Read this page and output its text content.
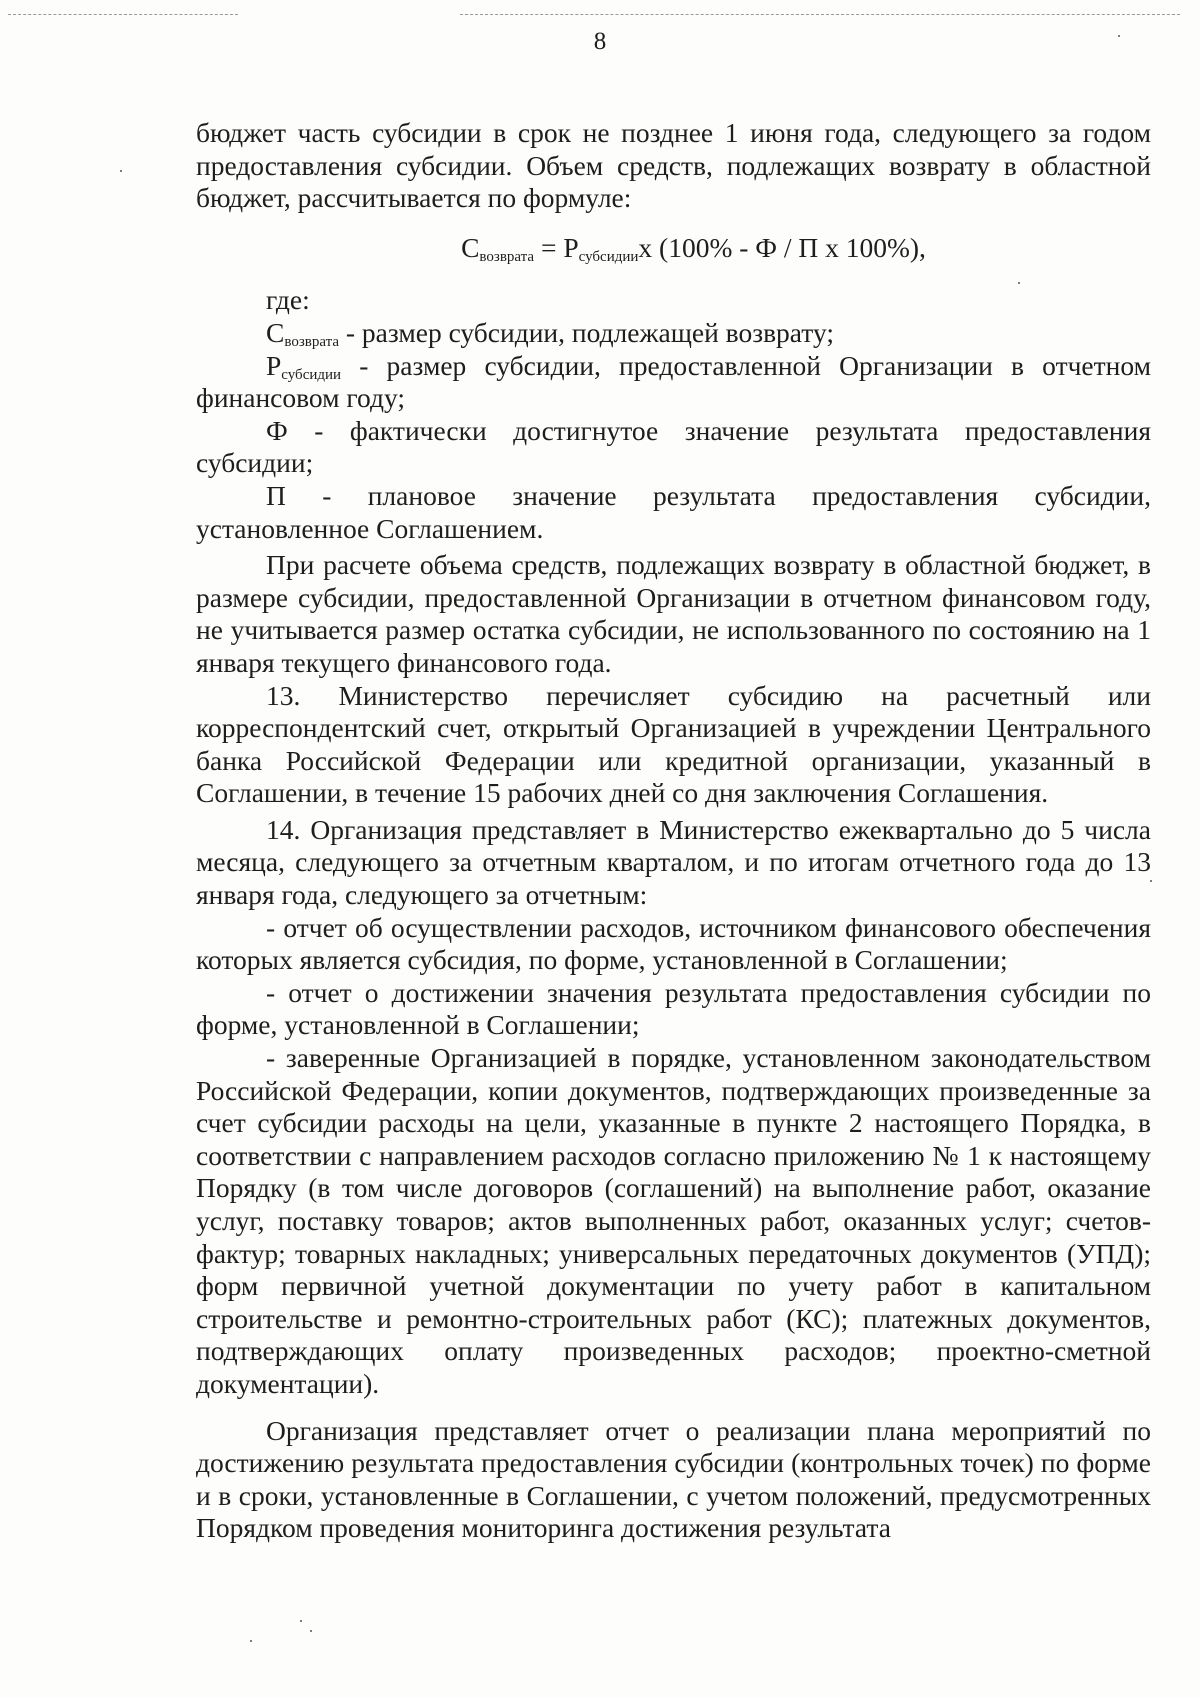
8

бюджет часть субсидии в срок не позднее 1 июня года, следующего за годом предоставления субсидии. Объем средств, подлежащих возврату в областной бюджет, рассчитывается по формуле:

$С_{возврата} = Р_{субсидии}x$ (100% - Ф / П x 100%),

где:

$С_{возврата}$ - размер субсидии, подлежащей возврату;

$Р_{субсидии}$ - размер субсидии, предоставленной Организации в отчетном финансовом году;

Ф - фактически достигнутое значение результата предоставления субсидии;

П - плановое значение результата предоставления субсидии, установленное Соглашением.

При расчете объема средств, подлежащих возврату в областной бюджет, в размере субсидии, предоставленной Организации в отчетном финансовом году, не учитывается размер остатка субсидии, не использованного по состоянию на 1 января текущего финансового года.

13. Министерство перечисляет субсидию на расчетный или корреспондентский счет, открытый Организацией в учреждении Центрального банка Российской Федерации или кредитной организации, указанный в Соглашении, в течение 15 рабочих дней со дня заключения Соглашения.

14. Организация представляет в Министерство ежеквартально до 5 числа месяца, следующего за отчетным кварталом, и по итогам отчетного года до 13 января года, следующего за отчетным:

- отчет об осуществлении расходов, источником финансового обеспечения которых является субсидия, по форме, установленной в Соглашении;

- отчет о достижении значения результата предоставления субсидии по форме, установленной в Соглашении;

- заверенные Организацией в порядке, установленном законодательством Российской Федерации, копии документов, подтверждающих произведенные за счет субсидии расходы на цели, указанные в пункте 2 настоящего Порядка, в соответствии с направлением расходов согласно приложению № 1 к настоящему Порядку (в том числе договоров (соглашений) на выполнение работ, оказание услуг, поставку товаров; актов выполненных работ, оказанных услуг; счетов-фактур; товарных накладных; универсальных передаточных документов (УПД); форм первичной учетной документации по учету работ в капитальном строительстве и ремонтно-строительных работ (КС); платежных документов, подтверждающих оплату произведенных расходов; проектно-сметной документации).

Организация представляет отчет о реализации плана мероприятий по достижению результата предоставления субсидии (контрольных точек) по форме и в сроки, установленные в Соглашении, с учетом положений, предусмотренных Порядком проведения мониторинга достижения результата
